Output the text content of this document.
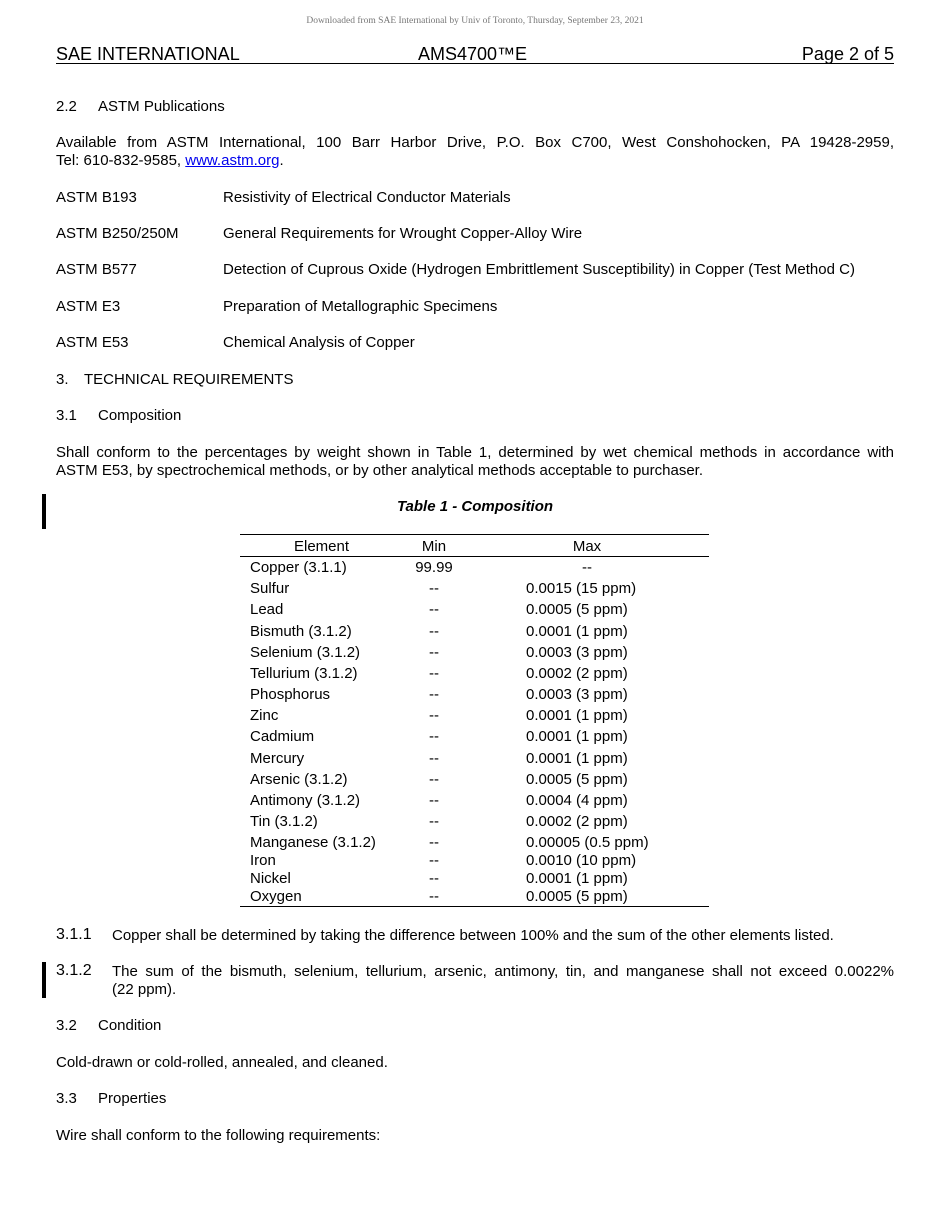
Downloaded from SAE International by Univ of Toronto, Thursday, September 23, 2021
SAE INTERNATIONAL	AMS4700™E	Page 2 of 5
2.2 ASTM Publications
Available from ASTM International, 100 Barr Harbor Drive, P.O. Box C700, West Conshohocken, PA 19428-2959,
Tel: 610-832-9585, www.astm.org.
ASTM B193	Resistivity of Electrical Conductor Materials
ASTM B250/250M	General Requirements for Wrought Copper-Alloy Wire
ASTM B577	Detection of Cuprous Oxide (Hydrogen Embrittlement Susceptibility) in Copper (Test Method C)
ASTM E3	Preparation of Metallographic Specimens
ASTM E53	Chemical Analysis of Copper
3. TECHNICAL REQUIREMENTS
3.1 Composition
Shall conform to the percentages by weight shown in Table 1, determined by wet chemical methods in accordance with
ASTM E53, by spectrochemical methods, or by other analytical methods acceptable to purchaser.
Table 1 - Composition
Element	Min	Max
Copper (3.1.1)	99.99	--
Sulfur	--	0.0015 (15 ppm)
Lead	--	0.0005 (5 ppm)
Bismuth (3.1.2)	--	0.0001 (1 ppm)
Selenium (3.1.2)	--	0.0003 (3 ppm)
Tellurium (3.1.2)	--	0.0002 (2 ppm)
Phosphorus	--	0.0003 (3 ppm)
Zinc	--	0.0001 (1 ppm)
Cadmium	--	0.0001 (1 ppm)
Mercury	--	0.0001 (1 ppm)
Arsenic (3.1.2)	--	0.0005 (5 ppm)
Antimony (3.1.2)	--	0.0004 (4 ppm)
Tin (3.1.2)	--	0.0002 (2 ppm)
Manganese (3.1.2)	--	0.00005 (0.5 ppm)
Iron	--	0.0010 (10 ppm)
Nickel	--	0.0001 (1 ppm)
Oxygen	--	0.0005 (5 ppm)
3.1.1 Copper shall be determined by taking the difference between 100% and the sum of the other elements listed.
3.1.2 The sum of the bismuth, selenium, tellurium, arsenic, antimony, tin, and manganese shall not exceed 0.0022%
(22 ppm).
3.2 Condition
Cold-drawn or cold-rolled, annealed, and cleaned.
3.3 Properties
Wire shall conform to the following requirements:
